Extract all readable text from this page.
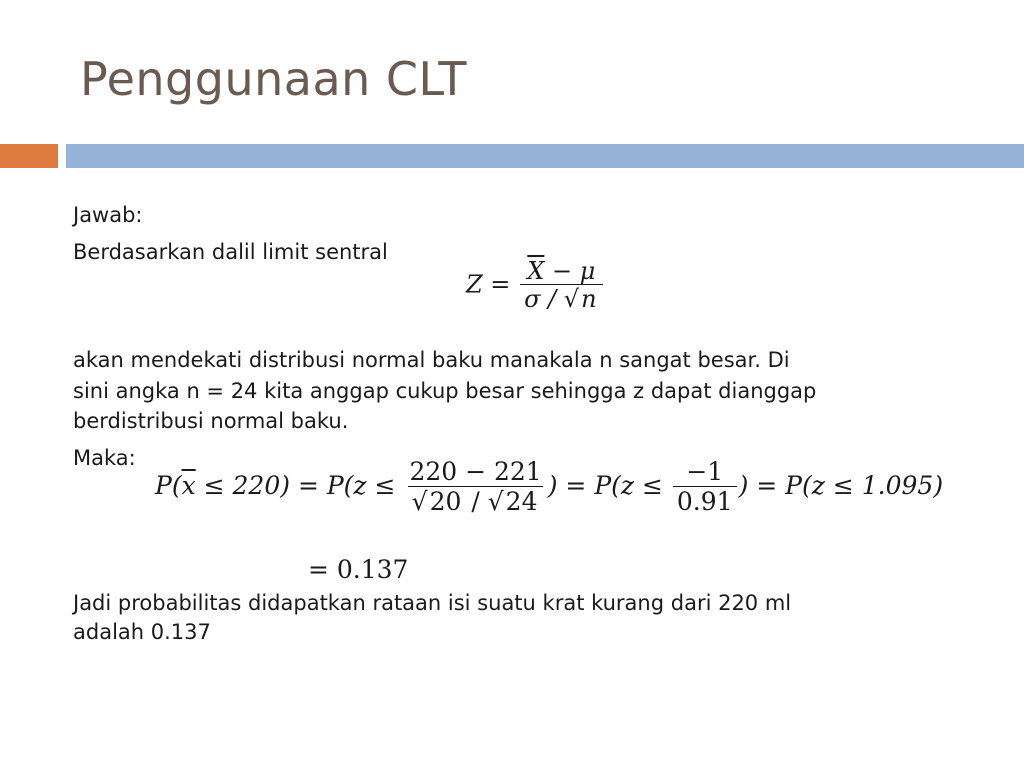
Penggunaan CLT
Jawab:
Berdasarkan dalil limit sentral
$Z = \frac{\overline{X} - \mu}{\sigma / √n}$
akan mendekati distribusi normal baku manakala n sangat besar. Di
sini angka n = 24 kita anggap cukup besar sehingga z dapat dianggap
berdistribusi normal baku.
Maka:
$P(\overline{x} \le 220) = P(z \le \frac{220 - 221}{√20 / √24}$ ) = $P(z \le \frac{-1}{0.91}$ ) = P(z ≤ 1.095)
= 0.137
Jadi probabilitas didapatkan rataan isi suatu krat kurang dari 220 ml
adalah 0.137
